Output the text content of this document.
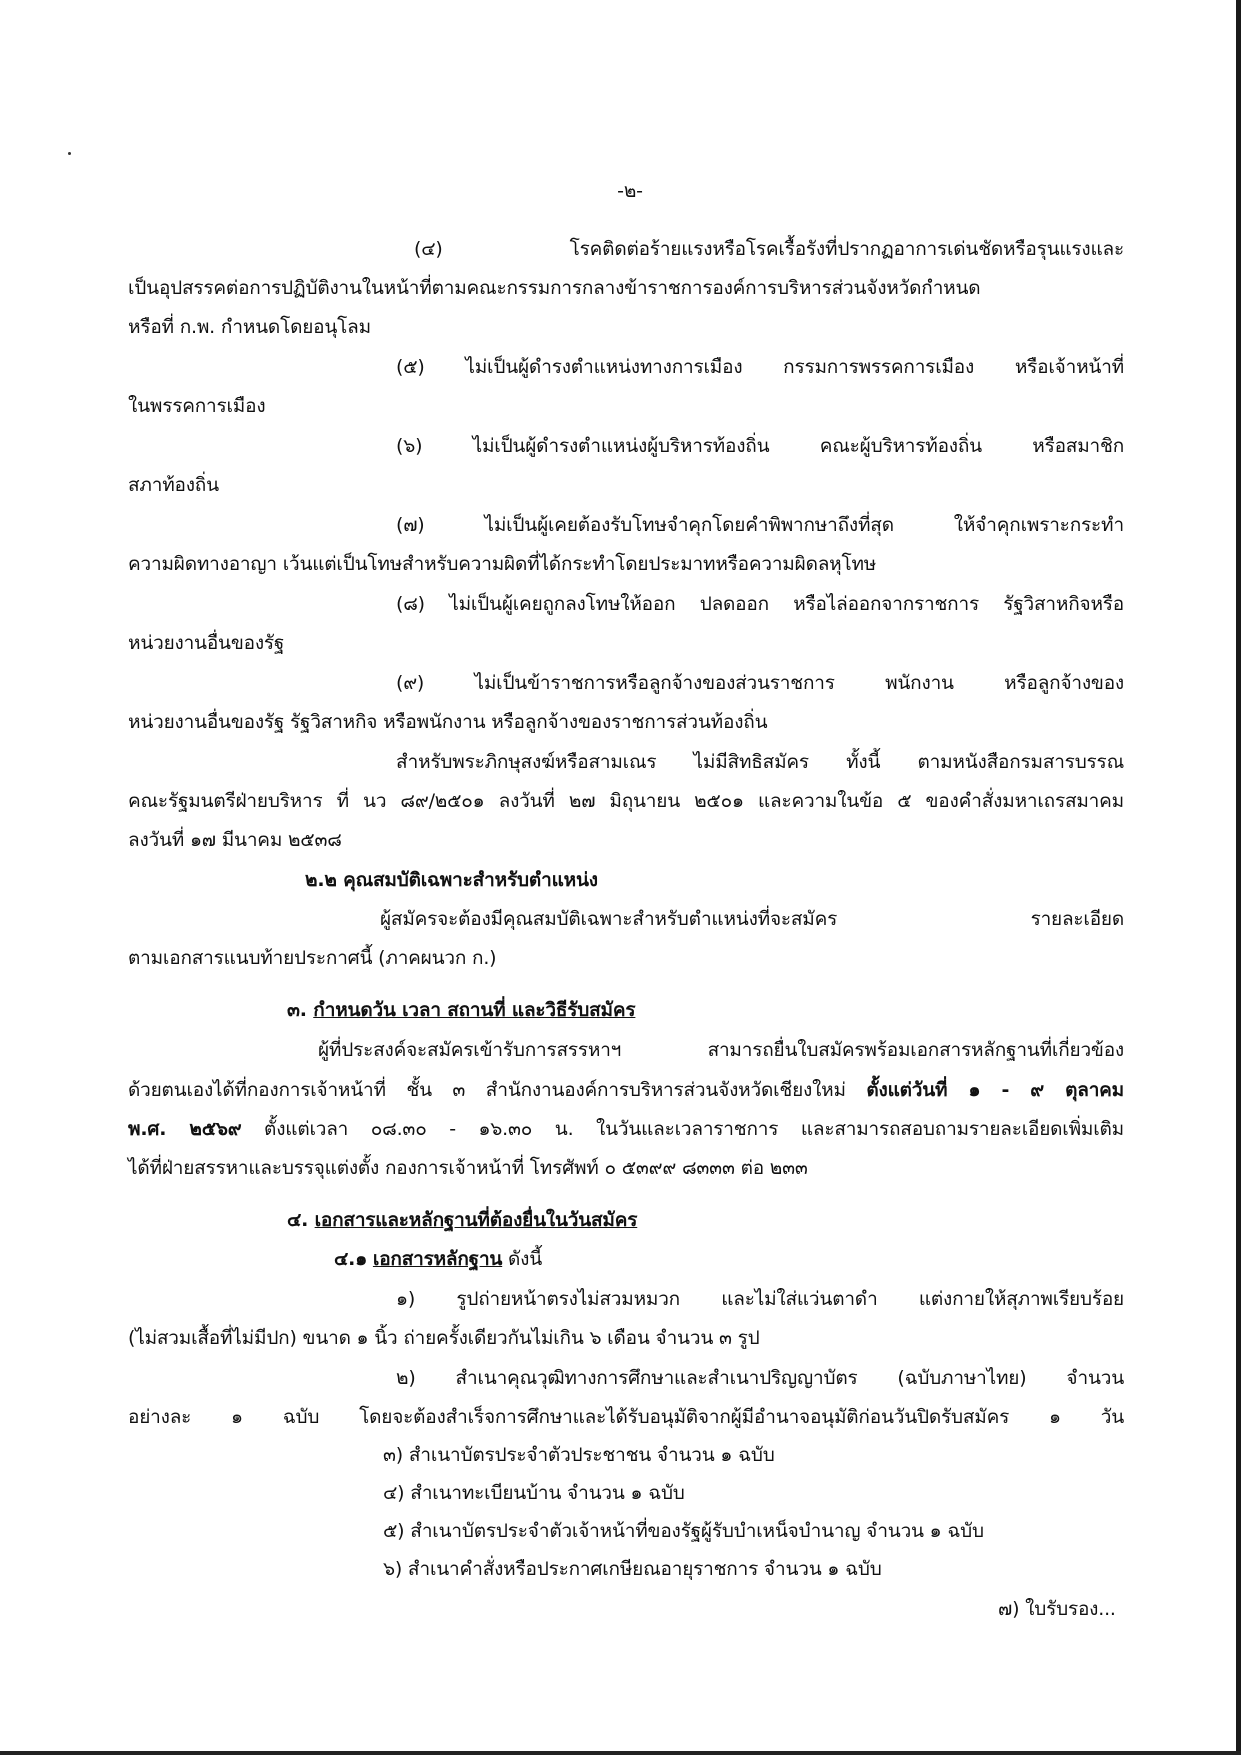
-๒-
(๔) โรคติดต่อร้ายแรงหรือโรคเรื้อรังที่ปรากฏอาการเด่นชัดหรือรุนแรงและ
เป็นอุปสรรคต่อการปฏิบัติงานในหน้าที่ตามคณะกรรมการกลางข้าราชการองค์การบริหารส่วนจังหวัดกำหนด
หรือที่ ก.พ. กำหนดโดยอนุโลม
(๕) ไม่เป็นผู้ดำรงตำแหน่งทางการเมือง กรรมการพรรคการเมือง หรือเจ้าหน้าที่
ในพรรคการเมือง
(๖) ไม่เป็นผู้ดำรงตำแหน่งผู้บริหารท้องถิ่น คณะผู้บริหารท้องถิ่น หรือสมาชิก
สภาท้องถิ่น
(๗) ไม่เป็นผู้เคยต้องรับโทษจำคุกโดยคำพิพากษาถึงที่สุด ให้จำคุกเพราะกระทำ
ความผิดทางอาญา เว้นแต่เป็นโทษสำหรับความผิดที่ได้กระทำโดยประมาทหรือความผิดลหุโทษ
(๘) ไม่เป็นผู้เคยถูกลงโทษให้ออก ปลดออก หรือไล่ออกจากราชการ รัฐวิสาหกิจหรือ
หน่วยงานอื่นของรัฐ
(๙) ไม่เป็นข้าราชการหรือลูกจ้างของส่วนราชการ พนักงาน หรือลูกจ้างของ
หน่วยงานอื่นของรัฐ รัฐวิสาหกิจ หรือพนักงาน หรือลูกจ้างของราชการส่วนท้องถิ่น
สำหรับพระภิกษุสงฆ์หรือสามเณร ไม่มีสิทธิสมัคร ทั้งนี้ ตามหนังสือกรมสารบรรณ
คณะรัฐมนตรีฝ่ายบริหาร ที่ นว ๘๙/๒๕๐๑ ลงวันที่ ๒๗ มิถุนายน ๒๕๐๑ และความในข้อ ๕ ของคำสั่งมหาเถรสมาคม
ลงวันที่ ๑๗ มีนาคม ๒๕๓๘
๒.๒ คุณสมบัติเฉพาะสำหรับตำแหน่ง
ผู้สมัครจะต้องมีคุณสมบัติเฉพาะสำหรับตำแหน่งที่จะสมัคร รายละเอียด
ตามเอกสารแนบท้ายประกาศนี้ (ภาคผนวก ก.)
๓. กำหนดวัน เวลา สถานที่ และวิธีรับสมัคร
ผู้ที่ประสงค์จะสมัครเข้ารับการสรรหาฯ สามารถยื่นใบสมัครพร้อมเอกสารหลักฐานที่เกี่ยวข้อง
ด้วยตนเองได้ที่กองการเจ้าหน้าที่ ชั้น ๓ สำนักงานองค์การบริหารส่วนจังหวัดเชียงใหม่ ตั้งแต่วันที่ ๑ - ๙ ตุลาคม
พ.ศ. ๒๕๖๙ ตั้งแต่เวลา ๐๘.๓๐ - ๑๖.๓๐ น. ในวันและเวลาราชการ และสามารถสอบถามรายละเอียดเพิ่มเติม
ได้ที่ฝ่ายสรรหาและบรรจุแต่งตั้ง กองการเจ้าหน้าที่ โทรศัพท์ ๐ ๕๓๙๙ ๘๓๓๓ ต่อ ๒๓๓
๔. เอกสารและหลักฐานที่ต้องยื่นในวันสมัคร
๔.๑ เอกสารหลักฐาน ดังนี้
๑) รูปถ่ายหน้าตรงไม่สวมหมวก และไม่ใส่แว่นตาดำ แต่งกายให้สุภาพเรียบร้อย
(ไม่สวมเสื้อที่ไม่มีปก) ขนาด ๑ นิ้ว ถ่ายครั้งเดียวกันไม่เกิน ๖ เดือน จำนวน ๓ รูป
๒) สำเนาคุณวุฒิทางการศึกษาและสำเนาปริญญาบัตร (ฉบับภาษาไทย) จำนวน
อย่างละ ๑ ฉบับ โดยจะต้องสำเร็จการศึกษาและได้รับอนุมัติจากผู้มีอำนาจอนุมัติก่อนวันปิดรับสมัคร ๑ วัน
๓) สำเนาบัตรประจำตัวประชาชน จำนวน ๑ ฉบับ
๔) สำเนาทะเบียนบ้าน จำนวน ๑ ฉบับ
๕) สำเนาบัตรประจำตัวเจ้าหน้าที่ของรัฐผู้รับบำเหน็จบำนาญ จำนวน ๑ ฉบับ
๖) สำเนาคำสั่งหรือประกาศเกษียณอายุราชการ จำนวน ๑ ฉบับ
๗) ใบรับรอง...
